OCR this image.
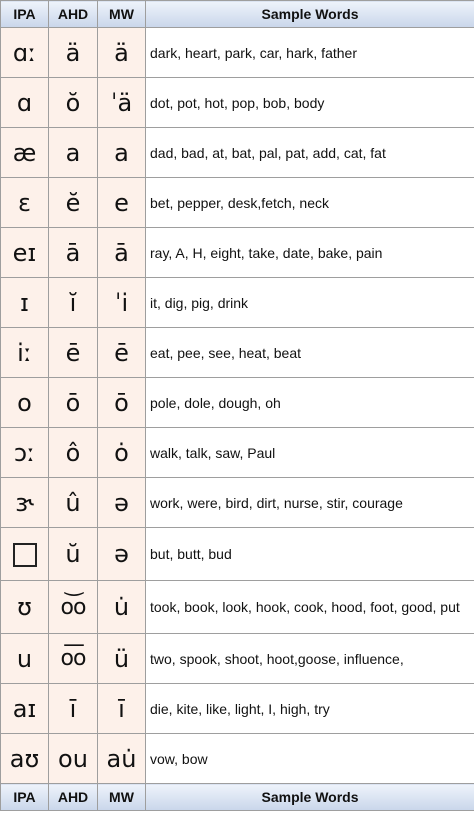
IPA	AHD	MW	Sample Words
ɑː	ä	ä	dark, heart, park, car, hark, father
ɑ	ŏ	ˈä	dot, pot, hot, pop, bob, body
æ	a	a	dad, bad, at, bat, pal, pat, add, cat, fat
ɛ	ĕ	e	bet, pepper, desk,fetch, neck
eɪ	ā	ā	ray, A, H, eight, take, date, bake, pain
ɪ	ĭ	ˈi	it, dig, pig, drink
iː	ē	ē	eat, pee, see, heat, beat
o	ō	ō	pole, dole, dough, oh
ɔː	ô	ȯ	walk, talk, saw, Paul
ɝ	û	ə	work, were, bird, dirt, nurse, stir, courage
	ŭ	ə	but, butt, bud
ʊ	o͝o	u̇	took, book, look, hook, cook, hood, foot, good, put
u	o͞o	ü	two, spook, shoot, hoot,goose, influence,
aɪ	ī	ī	die, kite, like, light, I, high, try
aʊ	ou	au̇	vow, bow
IPA	AHD	MW	Sample Words
